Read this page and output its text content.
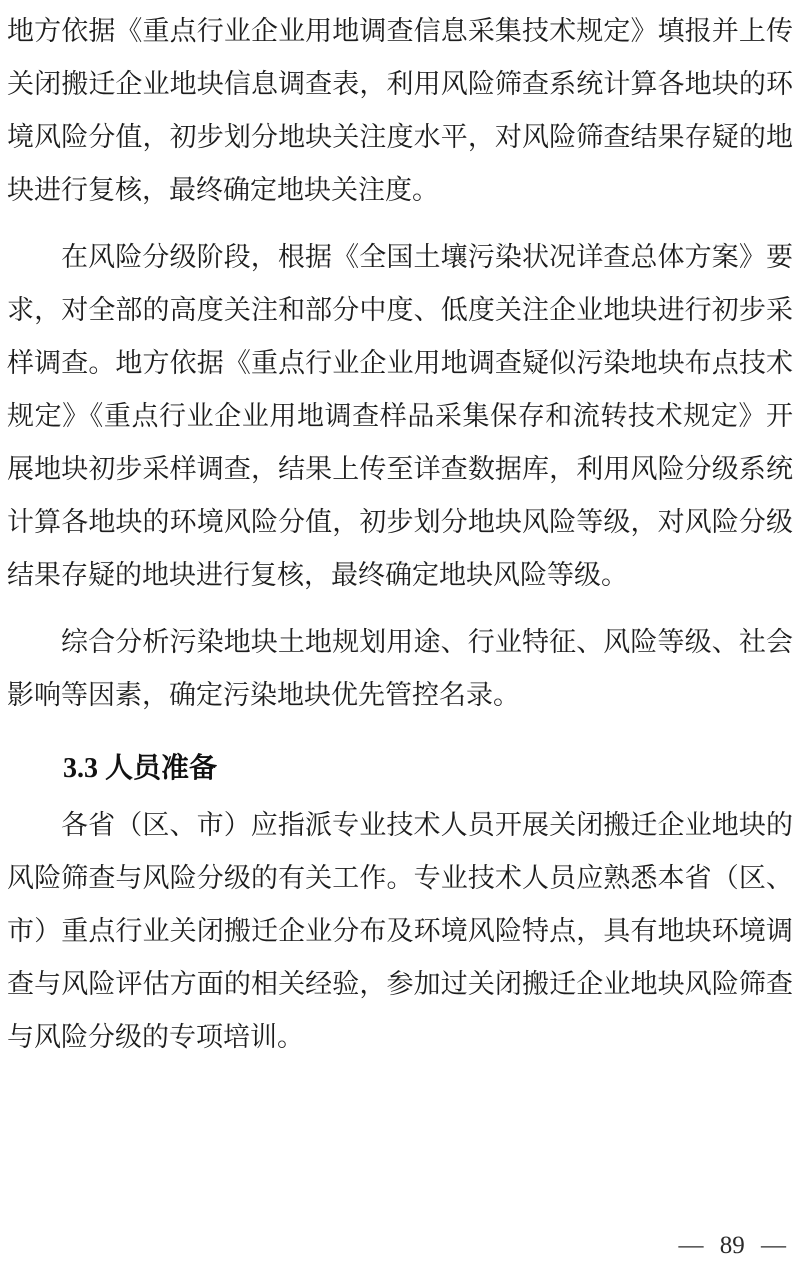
地方依据《重点行业企业用地调查信息采集技术规定》填报并上传
关闭搬迁企业地块信息调查表，利用风险筛查系统计算各地块的环
境风险分值，初步划分地块关注度水平，对风险筛查结果存疑的地
块进行复核，最终确定地块关注度。
在风险分级阶段，根据《全国土壤污染状况详查总体方案》要
求，对全部的高度关注和部分中度、低度关注企业地块进行初步采
样调查。地方依据《重点行业企业用地调查疑似污染地块布点技术
规定》《重点行业企业用地调查样品采集保存和流转技术规定》开
展地块初步采样调查，结果上传至详查数据库，利用风险分级系统
计算各地块的环境风险分值，初步划分地块风险等级，对风险分级
结果存疑的地块进行复核，最终确定地块风险等级。
综合分析污染地块土地规划用途、行业特征、风险等级、社会
影响等因素，确定污染地块优先管控名录。
3.3 人员准备
各省（区、市）应指派专业技术人员开展关闭搬迁企业地块的
风险筛查与风险分级的有关工作。专业技术人员应熟悉本省（区、
市）重点行业关闭搬迁企业分布及环境风险特点，具有地块环境调
查与风险评估方面的相关经验，参加过关闭搬迁企业地块风险筛查
与风险分级的专项培训。
— 89 —
